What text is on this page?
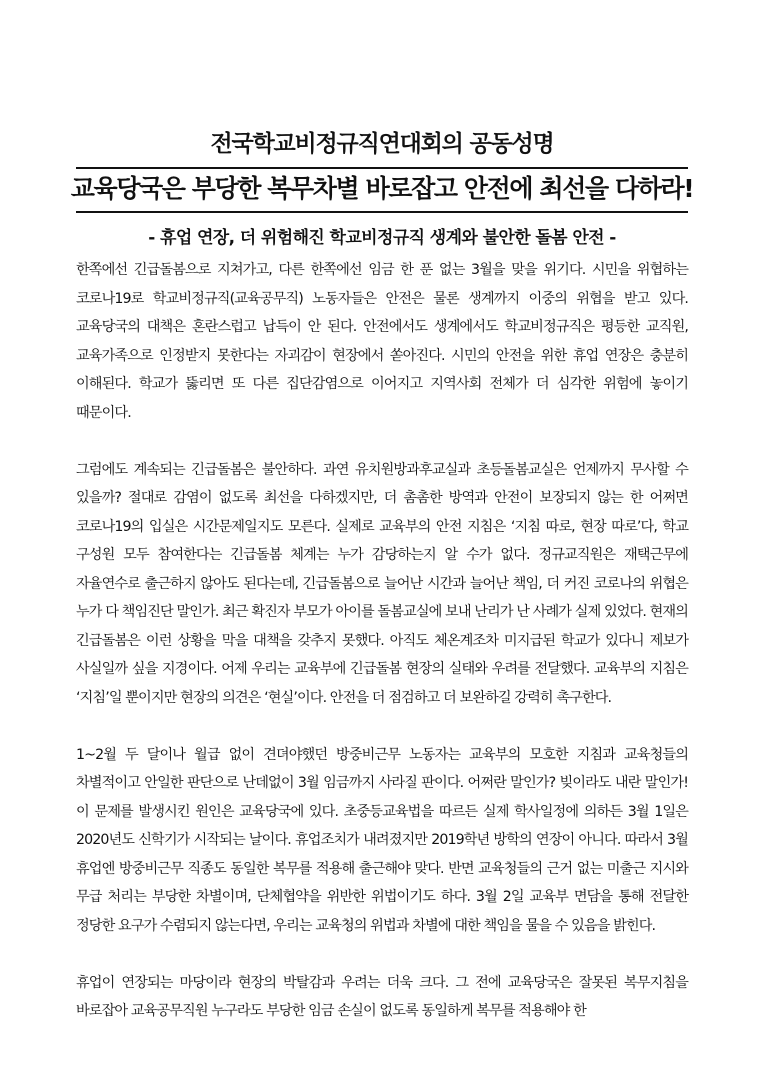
전국학교비정규직연대회의 공동성명
교육당국은 부당한 복무차별 바로잡고 안전에 최선을 다하라!
- 휴업 연장, 더 위험해진 학교비정규직 생계와 불안한 돌봄 안전 -

한쪽에선 긴급돌봄으로 지쳐가고, 다른 한쪽에선 임금 한 푼 없는 3월을 맞을 위기다. 시민을 위협하는 코로나19로 학교비정규직(교육공무직) 노동자들은 안전은 물론 생계까지 이중의 위협을 받고 있다. 교육당국의 대책은 혼란스럽고 납득이 안 된다. 안전에서도 생계에서도 학교비정규직은 평등한 교직원, 교육가족으로 인정받지 못한다는 자괴감이 현장에서 쏟아진다. 시민의 안전을 위한 휴업 연장은 충분히 이해된다. 학교가 뚫리면 또 다른 집단감염으로 이어지고 지역사회 전체가 더 심각한 위험에 놓이기 때문이다.

그럼에도 계속되는 긴급돌봄은 불안하다. 과연 유치원방과후교실과 초등돌봄교실은 언제까지 무사할 수 있을까? 절대로 감염이 없도록 최선을 다하겠지만, 더 촘촘한 방역과 안전이 보장되지 않는 한 어쩌면 코로나19의 입실은 시간문제일지도 모른다. 실제로 교육부의 안전 지침은 ‘지침 따로, 현장 따로’다, 학교 구성원 모두 참여한다는 긴급돌봄 체계는 누가 감당하는지 알 수가 없다. 정규교직원은 재택근무에 자율연수로 출근하지 않아도 된다는데, 긴급돌봄으로 늘어난 시간과 늘어난 책임, 더 커진 코로나의 위협은 누가 다 책임진단 말인가. 최근 확진자 부모가 아이를 돌봄교실에 보내 난리가 난 사례가 실제 있었다. 현재의 긴급돌봄은 이런 상황을 막을 대책을 갖추지 못했다. 아직도 체온계조차 미지급된 학교가 있다니 제보가 사실일까 싶을 지경이다. 어제 우리는 교육부에 긴급돌봄 현장의 실태와 우려를 전달했다. 교육부의 지침은 ‘지침’일 뿐이지만 현장의 의견은 ‘현실’이다. 안전을 더 점검하고 더 보완하길 강력히 촉구한다.

1~2월 두 달이나 월급 없이 견뎌야했던 방중비근무 노동자는 교육부의 모호한 지침과 교육청들의 차별적이고 안일한 판단으로 난데없이 3월 임금까지 사라질 판이다. 어쩌란 말인가? 빚이라도 내란 말인가! 이 문제를 발생시킨 원인은 교육당국에 있다. 초중등교육법을 따르든 실제 학사일정에 의하든 3월 1일은 2020년도 신학기가 시작되는 날이다. 휴업조치가 내려졌지만 2019학년 방학의 연장이 아니다. 따라서 3월 휴업엔 방중비근무 직종도 동일한 복무를 적용해 출근해야 맞다. 반면 교육청들의 근거 없는 미출근 지시와 무급 처리는 부당한 차별이며, 단체협약을 위반한 위법이기도 하다. 3월 2일 교육부 면담을 통해 전달한 정당한 요구가 수렴되지 않는다면, 우리는 교육청의 위법과 차별에 대한 책임을 물을 수 있음을 밝힌다.

휴업이 연장되는 마당이라 현장의 박탈감과 우려는 더욱 크다. 그 전에 교육당국은 잘못된 복무지침을 바로잡아 교육공무직원 누구라도 부당한 임금 손실이 없도록 동일하게 복무를 적용해야 한
